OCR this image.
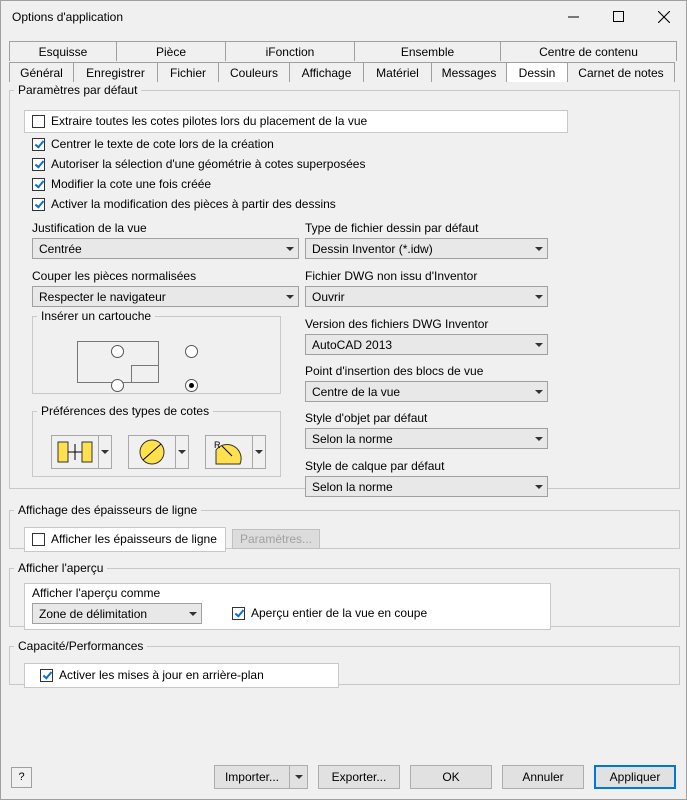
Options d'application
Esquisse	Pièce	iFonction	Ensemble	Centre de contenu
Général	Enregistrer	Fichier	Couleurs	Affichage	Matériel	Messages	Dessin	Carnet de notes
Paramètres par défaut
Extraire toutes les cotes pilotes lors du placement de la vue
Centrer le texte de cote lors de la création
Autoriser la sélection d'une géométrie à cotes superposées
Modifier la cote une fois créée
Activer la modification des pièces à partir des dessins
Justification de la vue
Centrée
Couper les pièces normalisées
Respecter le navigateur
Insérer un cartouche
Préférences des types de cotes
R
Type de fichier dessin par défaut
Dessin Inventor (*.idw)
Fichier DWG non issu d'Inventor
Ouvrir
Version des fichiers DWG Inventor
AutoCAD 2013
Point d'insertion des blocs de vue
Centre de la vue
Style d'objet par défaut
Selon la norme
Style de calque par défaut
Selon la norme
Affichage des épaisseurs de ligne
Afficher les épaisseurs de ligne	Paramètres...
Afficher l'aperçu
Afficher l'aperçu comme
Zone de délimitation	Aperçu entier de la vue en coupe
Capacité/Performances
Activer les mises à jour en arrière-plan
?	Importer...	Exporter...	OK	Annuler	Appliquer
